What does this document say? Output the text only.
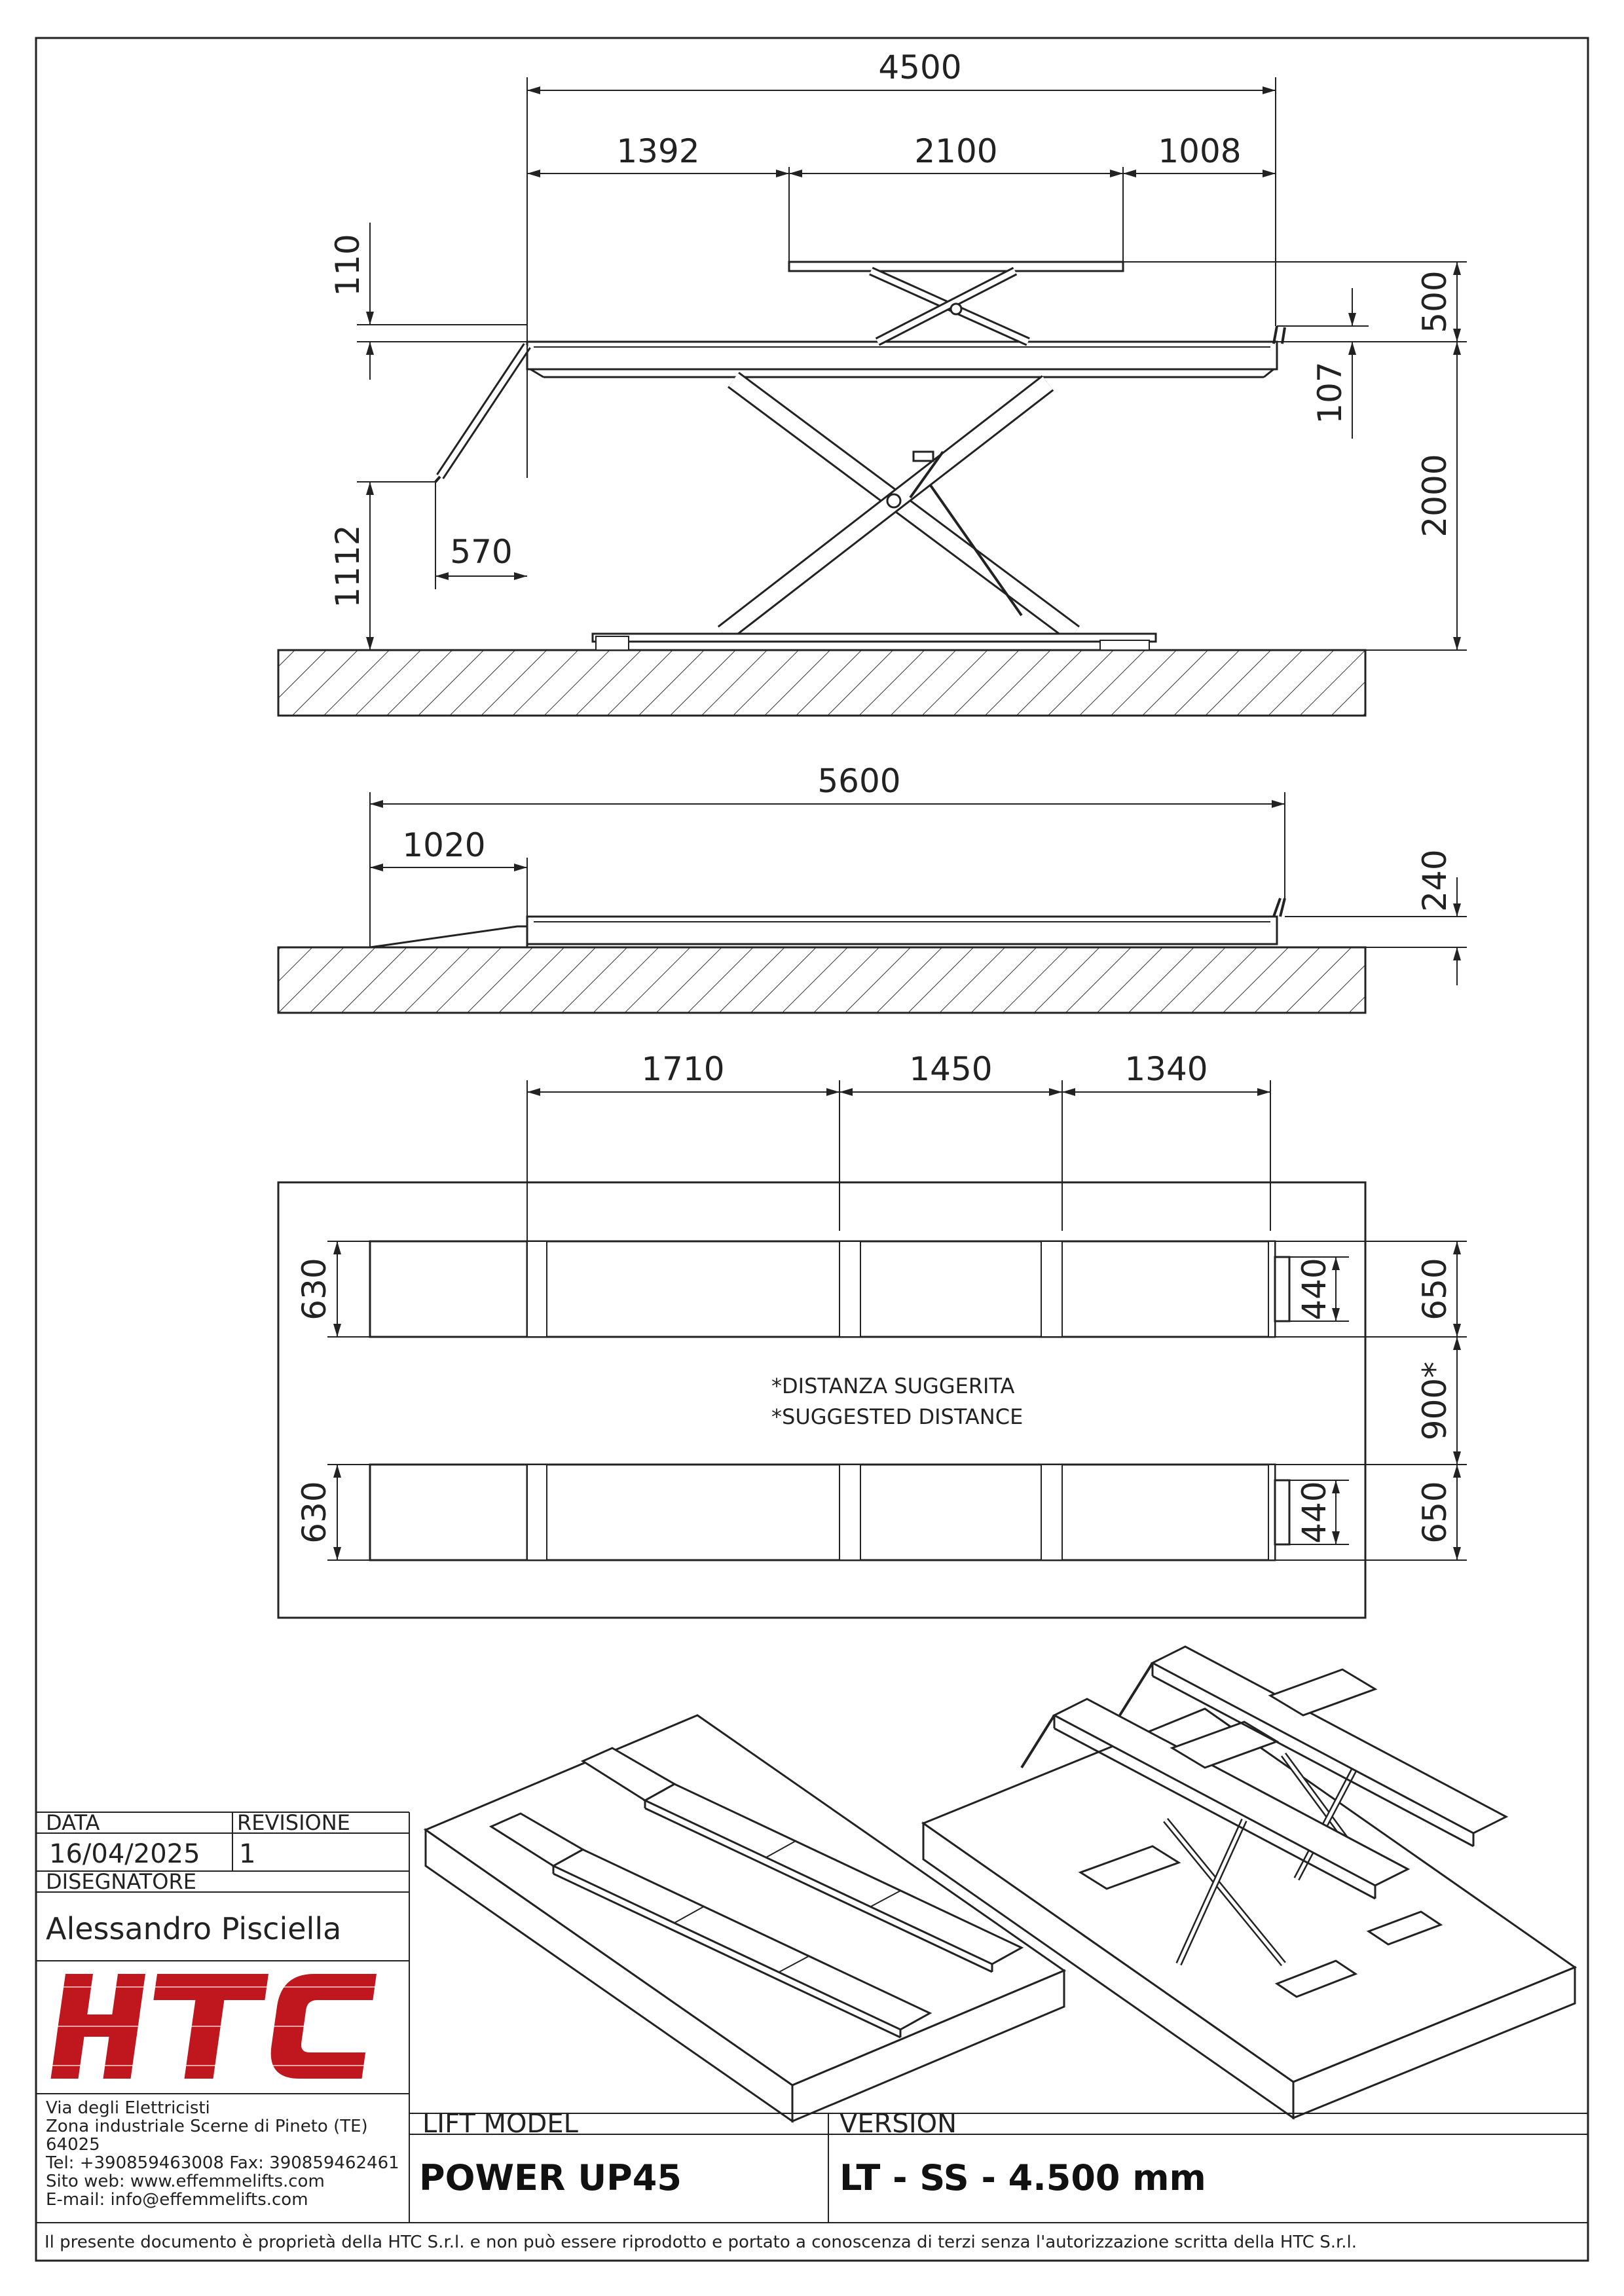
4500
1392	2100	1008
110
500
107
2000
1112	570
5600
1020
240
1710	1450	1340
630
630
440
440
650
900*
650
*DISTANZA SUGGERITA
*SUGGESTED DISTANCE
DATA	REVISIONE
16/04/2025 1
DISEGNATORE
Alessandro Pisciella
Via degli Elettricisti
Zona industriale Scerne di Pineto (TE)
64025
Tel: +390859463008 Fax: 390859462461
Sito web: www.effemmelifts.com
E-mail: info@effemmelifts.com
LIFT MODEL	VERSION
POWER UP45	LT - SS - 4.500 mm
Il presente documento è proprietà della HTC S.r.l. e non può essere riprodotto e portato a conoscenza di terzi senza l'autorizzazione scritta della HTC S.r.l.
